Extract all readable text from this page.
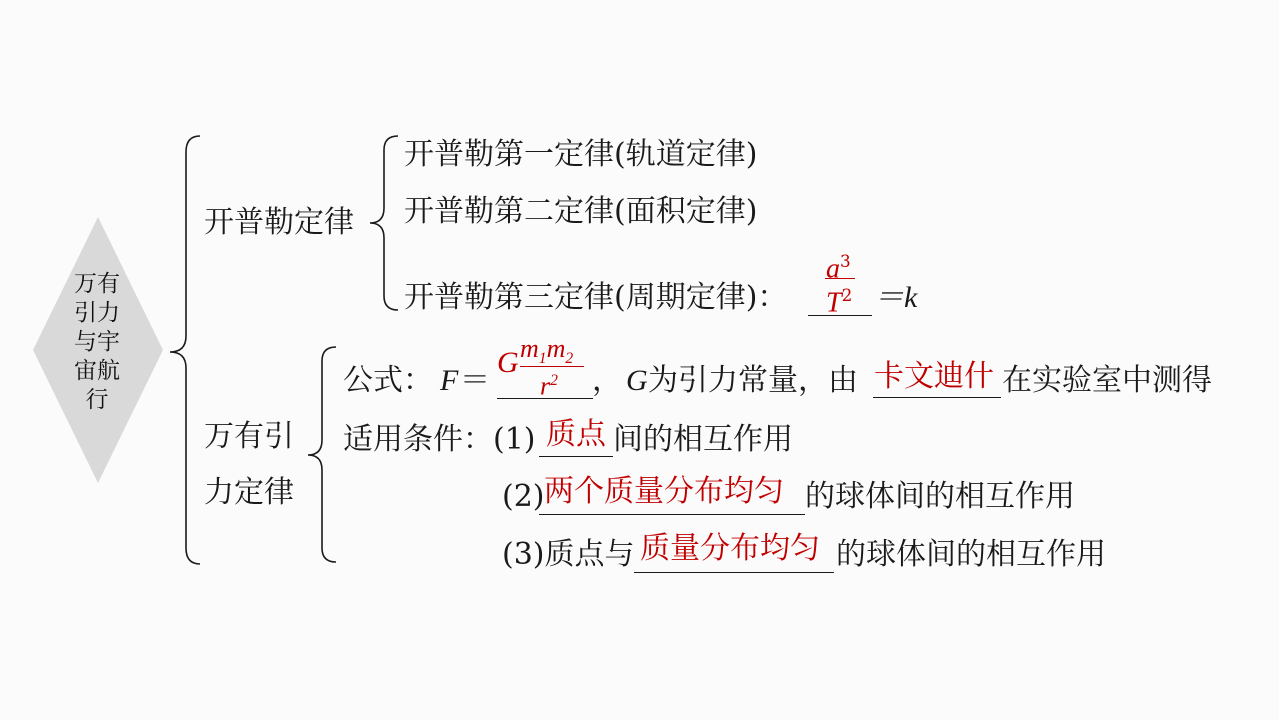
万有引力与宇宙航行
开普勒定律
开普勒第一定律(轨道定律)
开普勒第二定律(面积定律)
开普勒第三定律(周期定律)：
$a^3$
$T^2 =k$
万有引
力定律
公式： F ＝
G $m_1m_2$
$r^2$ ， G 为引力常量，由 卡文迪什 在实验室中测得
适用条件：(1) 质点 间的相互作用
(2) 两个质量分布均匀 的球体间的相互作用
(3)质点与 质量分布均匀 的球体间的相互作用
